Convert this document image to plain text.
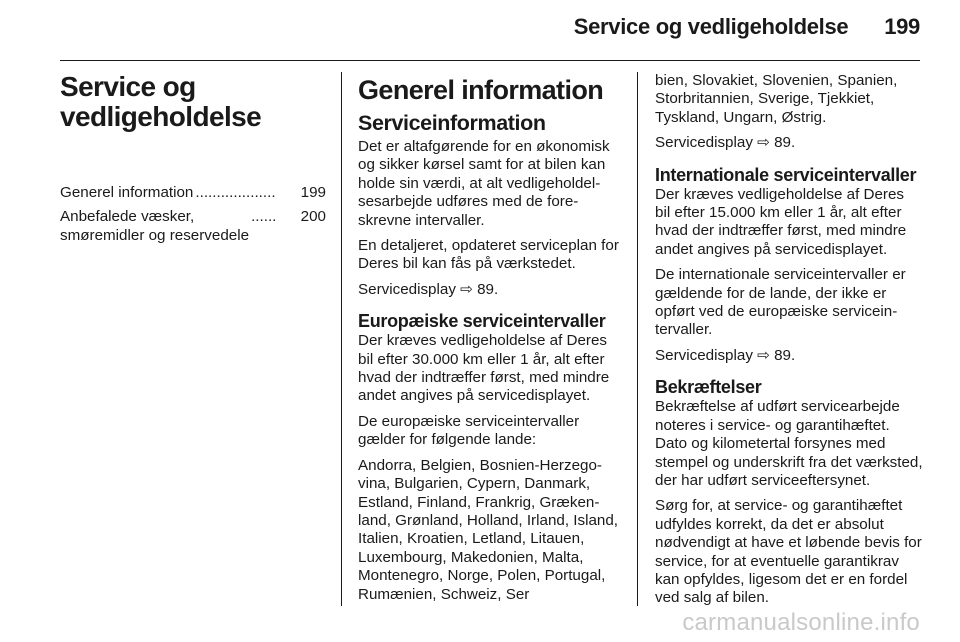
Service og vedligeholdelse 199
Service og vedligeholdelse
Generel information ...................	199
Anbefalede væsker,
smøremidler og reservedele
......	200
Generel information
Serviceinformation

Det er altafgørende for en økonomisk og sikker kørsel samt for at bilen kan holde sin værdi, at alt vedligeholdelsesarbejde udføres med de foreskrevne intervaller.

En detaljeret, opdateret serviceplan for Deres bil kan fås på værkstedet.

Servicedisplay ⇨ 89.

Europæiske serviceintervaller

Der kræves vedligeholdelse af Deres bil efter 30.000 km eller 1 år, alt efter hvad der indtræffer først, med mindre andet angives på servicedisplayet.

De europæiske serviceintervaller gælder for følgende lande:

Andorra, Belgien, Bosnien-Herzegovina, Bulgarien, Cypern, Danmark, Estland, Finland, Frankrig, Grækenland, Grønland, Holland, Irland, Island, Italien, Kroatien, Letland, Litauen, Luxembourg, Makedonien, Malta, Montenegro, Norge, Polen, Portugal, Rumænien, Schweiz, Ser

bien, Slovakiet, Slovenien, Spanien, Storbritannien, Sverige, Tjekkiet, Tyskland, Ungarn, Østrig.

Servicedisplay ⇨ 89.

Internationale serviceintervaller

Der kræves vedligeholdelse af Deres bil efter 15.000 km eller 1 år, alt efter hvad der indtræffer først, med mindre andet angives på servicedisplayet.

De internationale serviceintervaller er gældende for de lande, der ikke er opført ved de europæiske serviceintervaller.

Servicedisplay ⇨ 89.

Bekræftelser

Bekræftelse af udført servicearbejde noteres i service- og garantihæftet. Dato og kilometertal forsynes med stempel og underskrift fra det værksted, der har udført serviceeftersynet.

Sørg for, at service- og garantihæftet udfyldes korrekt, da det er absolut nødvendigt at have et løbende bevis for service, for at eventuelle garantikrav kan opfyldes, ligesom det er en fordel ved salg af bilen.

carmanualsonline.info
